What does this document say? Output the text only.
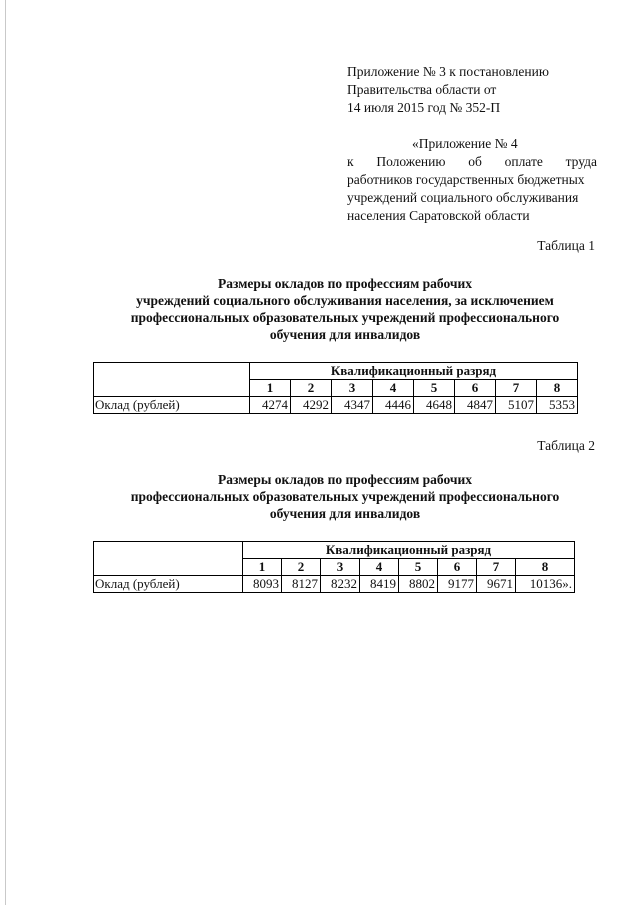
Приложение № 3 к постановлению
Правительства области от
14 июля 2015 год № 352-П
«Приложение № 4
к Положению об оплате труда
работников государственных бюджетных
учреждений социального обслуживания
населения Саратовской области
Таблица 1
Размеры окладов по профессиям рабочих
учреждений социального обслуживания населения, за исключением
профессиональных образовательных учреждений профессионального
обучения для инвалидов
	Квалификационный разряд							
	1	2	3	4	5	6	7	8
Оклад (рублей)	4274	4292	4347	4446	4648	4847	5107	5353
Таблица 2
Размеры окладов по профессиям рабочих
профессиональных образовательных учреждений профессионального
обучения для инвалидов
	Квалификационный разряд							
	1	2	3	4	5	6	7	8
Оклад (рублей)	8093	8127	8232	8419	8802	9177	9671	10136».
